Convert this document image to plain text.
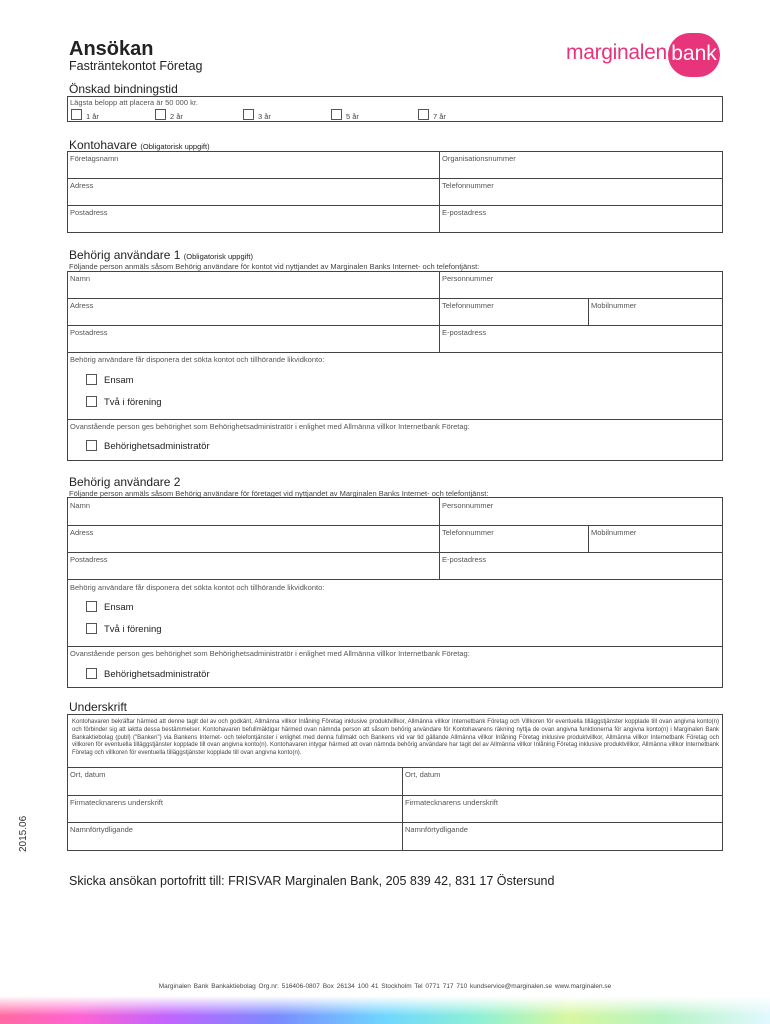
Ansökan
Fasträntekontot Företag
marginalen bank
Önskad bindningstid
Lägsta belopp att placera är 50 000 kr.
1 år	2 år	3 år	5 år	7 år
Kontohavare (Obligatorisk uppgift)
Företagsnamn	Organisationsnummer
Adress	Telefonnummer
Postadress	E-postadress
Behörig användare 1 (Obligatorisk uppgift)
Följande person anmäls såsom Behörig användare för kontot vid nyttjandet av Marginalen Banks Internet- och telefontjänst:
Namn	Personnummer
Adress	Telefonnummer	Mobilnummer
Postadress	E-postadress
Behörig användare får disponera det sökta kontot och tillhörande likvidkonto:
Ensam
Två i förening
Ovanstående person ges behörighet som Behörighetsadministratör i enlighet med Allmänna villkor Internetbank Företag:
Behörighetsadministratör
Behörig användare 2
Följande person anmäls såsom Behörig användare för företaget vid nyttjandet av Marginalen Banks Internet- och telefontjänst:
Namn	Personnummer
Adress	Telefonnummer	Mobilnummer
Postadress	E-postadress
Behörig användare får disponera det sökta kontot och tillhörande likvidkonto:
Ensam
Två i förening
Ovanstående person ges behörighet som Behörighetsadministratör i enlighet med Allmänna villkor Internetbank Företag:
Behörighetsadministratör
Underskrift
Kontohavaren bekräftar härmed att denne tagit del av och godkänt, Allmänna villkor Inlåning Företag inklusive produktvillkor, Allmänna villkor Internetbank Företag och Villkoren för eventuella tilläggstjänster kopplade till ovan angivna konto(n) och förbinder sig att iaktta dessa bestämmelser. Kontohavaren befullmäktigar härmed ovan nämnda person att såsom behörig användare för Kontohavarens räkning nyttja de ovan angivna funktionerna för angivna konto(n) i Marginalen Bank Bankaktiebolag (publ) ("Banken") via Bankens Internet- och telefontjänster i enlighet med denna fullmakt och Bankens vid var tid gällande Allmänna villkor Inlåning Företag inklusive produktvillkor, Allmänna villkor Internetbank Företag och villkoren för eventuella tilläggstjänster kopplade till ovan angivna konto(n). Kontohavaren intygar härmed att ovan nämnda behörig användare har tagit del av Allmänna villkor Inlåning Företag inklusive produktvillkor, Allmänna villkor Internetbank Företag och villkoren för eventuella tilläggstjänster kopplade till ovan angivna konto(n).
Ort, datum	Ort, datum
Firmatecknarens underskrift	Firmatecknarens underskrift
Namnförtydligande	Namnförtydligande
2015.06
Skicka ansökan portofritt till: FRISVAR Marginalen Bank, 205 839 42, 831 17 Östersund
Marginalen Bank Bankaktiebolag Org.nr: 516406-0807 Box 26134 100 41 Stockholm Tel 0771 717 710 kundservice@marginalen.se www.marginalen.se
